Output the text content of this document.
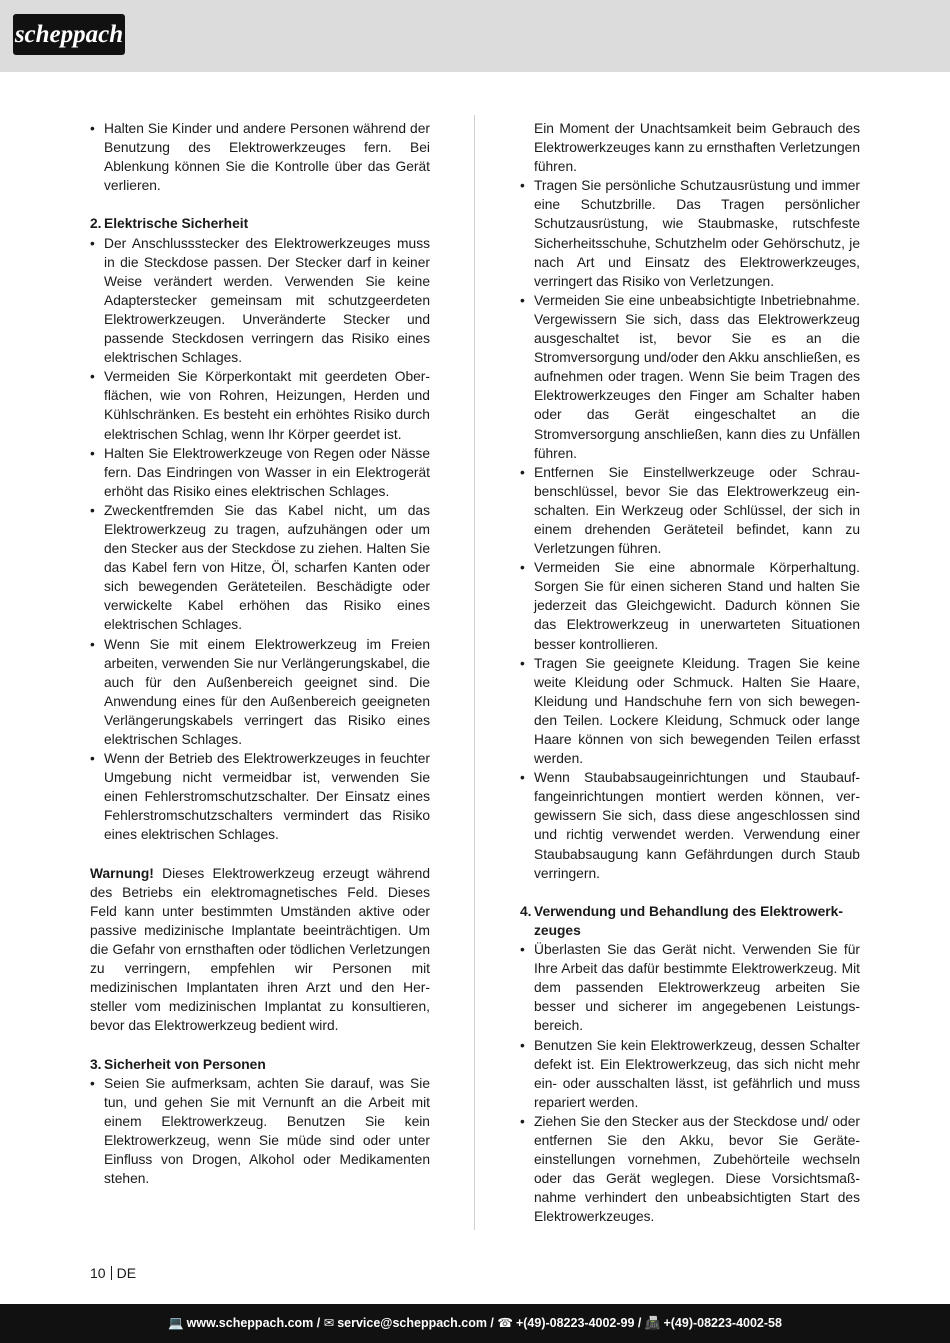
scheppach

• Halten Sie Kinder und andere Personen während der Benutzung des Elektrowerkzeuges fern. Bei Ablenkung können Sie die Kontrolle über das Gerät verlieren.

2. Elektrische Sicherheit

• Der Anschlussstecker des Elektrowerkzeuges muss in die Steckdose passen. Der Stecker darf in keiner Weise verändert werden. Verwenden Sie keine Adapterstecker gemeinsam mit schutzgeerdeten Elektrowerkzeugen. Unveränderte Stecker und passende Steckdosen verringern das Risiko eines elektrischen Schlages.

• Vermeiden Sie Körperkontakt mit geerdeten Oberflächen, wie von Rohren, Heizungen, Herden und Kühlschränken. Es besteht ein erhöhtes Risiko durch elektrischen Schlag, wenn Ihr Körper geerdet ist.

• Halten Sie Elektrowerkzeuge von Regen oder Nässe fern. Das Eindringen von Wasser in ein Elektrogerät erhöht das Risiko eines elektrischen Schlages.

• Zweckentfremden Sie das Kabel nicht, um das Elektrowerkzeug zu tragen, aufzuhängen oder um den Stecker aus der Steckdose zu ziehen. Halten Sie das Kabel fern von Hitze, Öl, scharfen Kanten oder sich bewegenden Geräteteilen. Beschädigte oder verwickelte Kabel erhöhen das Risiko eines elektrischen Schlages.

• Wenn Sie mit einem Elektrowerkzeug im Freien arbeiten, verwenden Sie nur Verlängerungskabel, die auch für den Außenbereich geeignet sind. Die Anwendung eines für den Außenbereich geeigneten Verlängerungskabels verringert das Risiko eines elektrischen Schlages.

• Wenn der Betrieb des Elektrowerkzeuges in feuchter Umgebung nicht vermeidbar ist, verwenden Sie einen Fehlerstromschutzschalter. Der Einsatz eines Fehlerstromschutzschalters vermindert das Risiko eines elektrischen Schlages.

Warnung! Dieses Elektrowerkzeug erzeugt während des Betriebs ein elektromagnetisches Feld. Dieses Feld kann unter bestimmten Umständen aktive oder passive medizinische Implantate beeinträchtigen. Um die Gefahr von ernsthaften oder tödlichen Verletzungen zu verringern, empfehlen wir Personen mit medizinischen Implantaten ihren Arzt und den Hersteller vom medizinischen Implantat zu konsultieren, bevor das Elektrowerkzeug bedient wird.

3. Sicherheit von Personen

• Seien Sie aufmerksam, achten Sie darauf, was Sie tun, und gehen Sie mit Vernunft an die Arbeit mit einem Elektrowerkzeug. Benutzen Sie kein Elektrowerkzeug, wenn Sie müde sind oder unter Einfluss von Drogen, Alkohol oder Medikamenten stehen.

Ein Moment der Unachtsamkeit beim Gebrauch des Elektrowerkzeuges kann zu ernsthaften Verletzungen führen.

• Tragen Sie persönliche Schutzausrüstung und immer eine Schutzbrille. Das Tragen persönlicher Schutzausrüstung, wie Staubmaske, rutschfeste Sicherheitsschuhe, Schutzhelm oder Gehörschutz, je nach Art und Einsatz des Elektrowerkzeuges, verringert das Risiko von Verletzungen.

• Vermeiden Sie eine unbeabsichtigte Inbetriebnahme. Vergewissern Sie sich, dass das Elektrowerkzeug ausgeschaltet ist, bevor Sie es an die Stromversorgung und/oder den Akku anschließen, es aufnehmen oder tragen. Wenn Sie beim Tragen des Elektrowerkzeuges den Finger am Schalter haben oder das Gerät eingeschaltet an die Stromversorgung anschließen, kann dies zu Unfällen führen.

• Entfernen Sie Einstellwerkzeuge oder Schraubenschlüssel, bevor Sie das Elektrowerkzeug einschalten. Ein Werkzeug oder Schlüssel, der sich in einem drehenden Geräteteil befindet, kann zu Verletzungen führen.

• Vermeiden Sie eine abnormale Körperhaltung. Sorgen Sie für einen sicheren Stand und halten Sie jederzeit das Gleichgewicht. Dadurch können Sie das Elektrowerkzeug in unerwarteten Situationen besser kontrollieren.

• Tragen Sie geeignete Kleidung. Tragen Sie keine weite Kleidung oder Schmuck. Halten Sie Haare, Kleidung und Handschuhe fern von sich bewegenden Teilen. Lockere Kleidung, Schmuck oder lange Haare können von sich bewegenden Teilen erfasst werden.

• Wenn Staubabsaugeinrichtungen und Staubauffangeinrichtungen montiert werden können, vergewissern Sie sich, dass diese angeschlossen sind und richtig verwendet werden. Verwendung einer Staubabsaugung kann Gefährdungen durch Staub verringern.

4. Verwendung und Behandlung des Elektrowerkzeuges

• Überlasten Sie das Gerät nicht. Verwenden Sie für Ihre Arbeit das dafür bestimmte Elektrowerkzeug. Mit dem passenden Elektrowerkzeug arbeiten Sie besser und sicherer im angegebenen Leistungsbereich.

• Benutzen Sie kein Elektrowerkzeug, dessen Schalter defekt ist. Ein Elektrowerkzeug, das sich nicht mehr ein- oder ausschalten lässt, ist gefährlich und muss repariert werden.

• Ziehen Sie den Stecker aus der Steckdose und/ oder entfernen Sie den Akku, bevor Sie Geräteeinstellungen vornehmen, Zubehörteile wechseln oder das Gerät weglegen. Diese Vorsichtsmaßnahme verhindert den unbeabsichtigten Start des Elektrowerkzeuges.

10 DE
💻 www.scheppach.com / ✉ service@scheppach.com / ☎ +(49)-08223-4002-99 / 📠 +(49)-08223-4002-58
